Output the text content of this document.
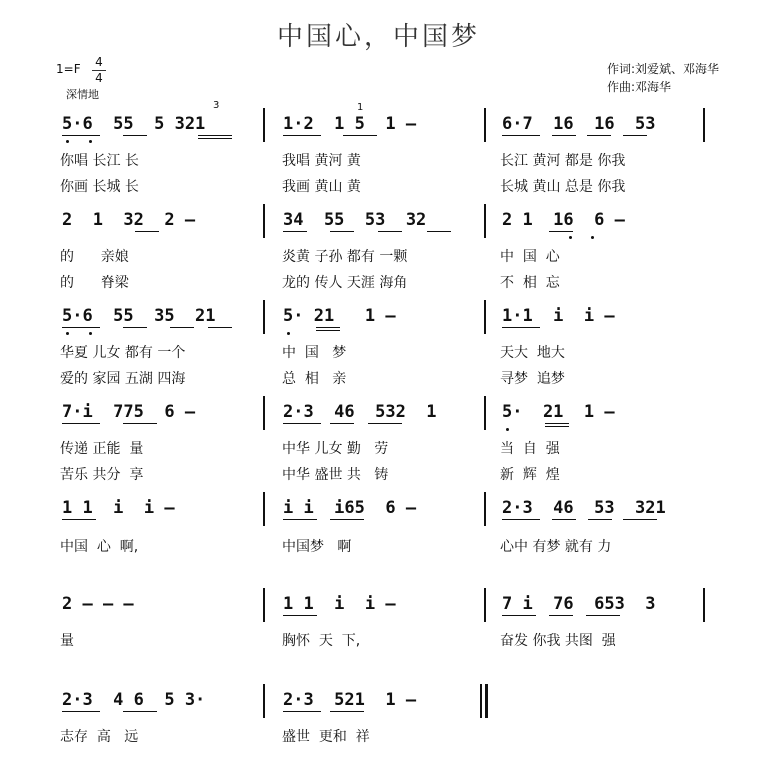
中国心，中国梦
1=F 4
4
深情地
作词:刘爱斌、邓海华
作曲:邓海华
5·6  55  5 321	1·2  1 5  1 –	6·7  16  16  53
3	1
你唱 长江 长	我唱 黄河 黄	长江 黄河 都是 你我
你画 长城 长	我画 黄山 黄	长城 黄山 总是 你我
2  1  32  2 –	34  55  53  32	2 1  16  6 –
的      亲娘	炎黄 子孙 都有 一颗	中  国  心
的      脊梁	龙的 传人 天涯 海角	不  相  忘
5·6  55  35  21	5· 21   1 –	1·1  i  i –
华夏 儿女 都有 一个	中  国   梦	天大  地大
爱的 家园 五湖 四海	总  相   亲	寻梦  追梦
7·i  775  6 –	2·3  46  532  1	5·  21  1 –
传递 正能  量	中华 儿女 勤   劳	当  自  强
苦乐 共分  享	中华 盛世 共   铸	新  辉  煌
1 1  i  i –	i i  i65  6 –	2·3  46  53  321
中国  心  啊,	中国梦   啊	心中 有梦 就有 力
2 – – –	1 1  i  i –	7 i  76  653  3
量	胸怀  天  下,	奋发 你我 共图  强
2·3  4 6  5 3·	2·3  521  1 –
志存  高   远	盛世  更和  祥
